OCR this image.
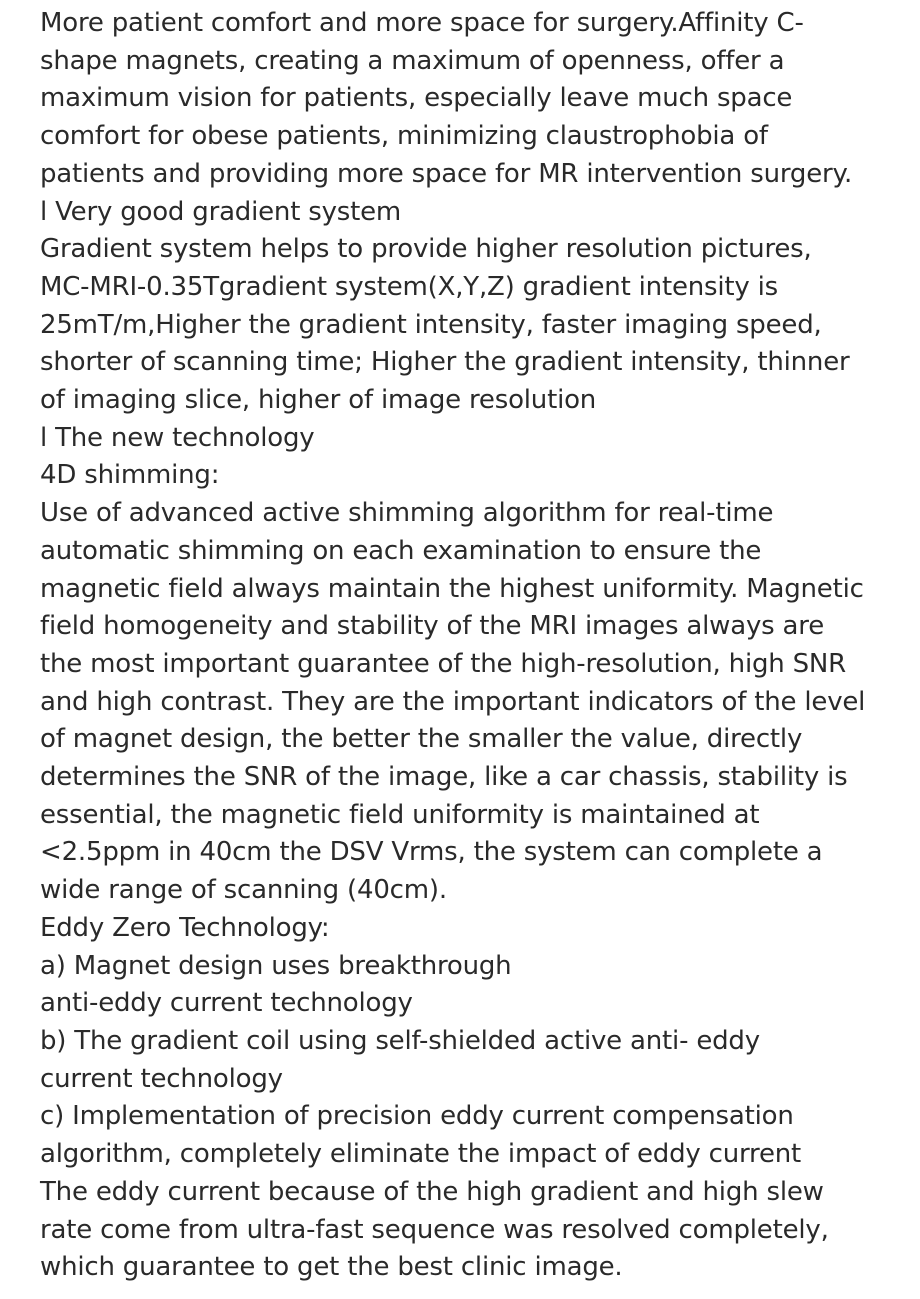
More patient comfort and more space for surgery.Affinity C-

shape magnets, creating a maximum of openness, offer a

maximum vision for patients, especially leave much space

comfort for obese patients, minimizing claustrophobia of

patients and providing more space for MR intervention surgery.

l Very good gradient system

Gradient system helps to provide higher resolution pictures,

MC-MRI-0.35Tgradient system(X,Y,Z) gradient intensity is

25mT/m,Higher the gradient intensity, faster imaging speed,

shorter of scanning time; Higher the gradient intensity, thinner

of imaging slice, higher of image resolution

l The new technology

4D shimming:

Use of advanced active shimming algorithm for real-time

automatic shimming on each examination to ensure the

magnetic field always maintain the highest uniformity. Magnetic

field homogeneity and stability of the MRI images always are

the most important guarantee of the high-resolution, high SNR

and high contrast. They are the important indicators of the level

of magnet design, the better the smaller the value, directly

determines the SNR of the image, like a car chassis, stability is

essential, the magnetic field uniformity is maintained at

<2.5ppm in 40cm the DSV Vrms, the system can complete a

wide range of scanning (40cm).

Eddy Zero Technology:

a) Magnet design uses breakthrough

anti-eddy current technology

b) The gradient coil using self-shielded active anti- eddy

current technology

c) Implementation of precision eddy current compensation

algorithm, completely eliminate the impact of eddy current

The eddy current because of the high gradient and high slew

rate come from ultra-fast sequence was resolved completely,

which guarantee to get the best clinic image.
